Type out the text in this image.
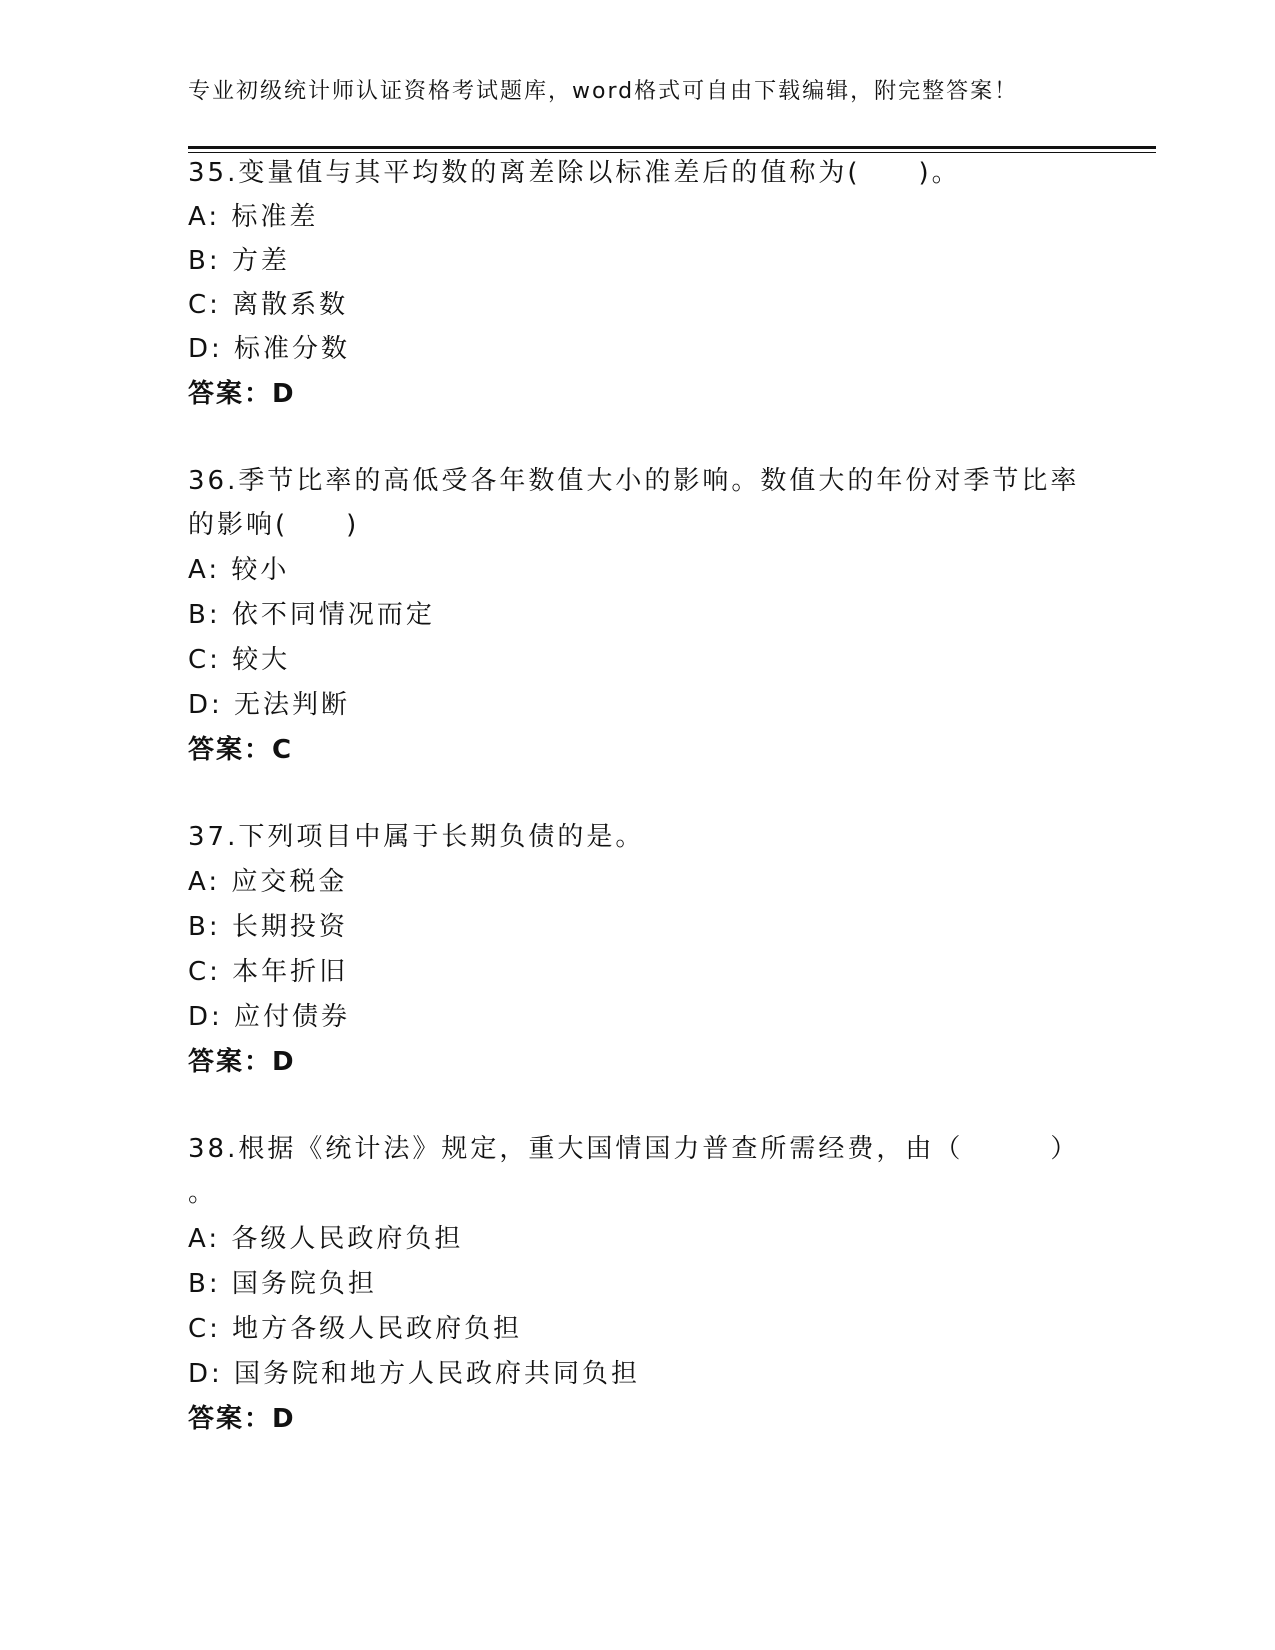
专业初级统计师认证资格考试题库，word格式可自由下载编辑，附完整答案！
35.变量值与其平均数的离差除以标准差后的值称为(　　)。
A: 标准差
B: 方差
C: 离散系数
D: 标准分数
答案：D
36.季节比率的高低受各年数值大小的影响。数值大的年份对季节比率
的影响(　　)
A: 较小
B: 依不同情况而定
C: 较大
D: 无法判断
答案：C
37.下列项目中属于长期负债的是。
A: 应交税金
B: 长期投资
C: 本年折旧
D: 应付债券
答案：D
38.根据《统计法》规定，重大国情国力普查所需经费，由（　　　）
。
A: 各级人民政府负担
B: 国务院负担
C: 地方各级人民政府负担
D: 国务院和地方人民政府共同负担
答案：D
